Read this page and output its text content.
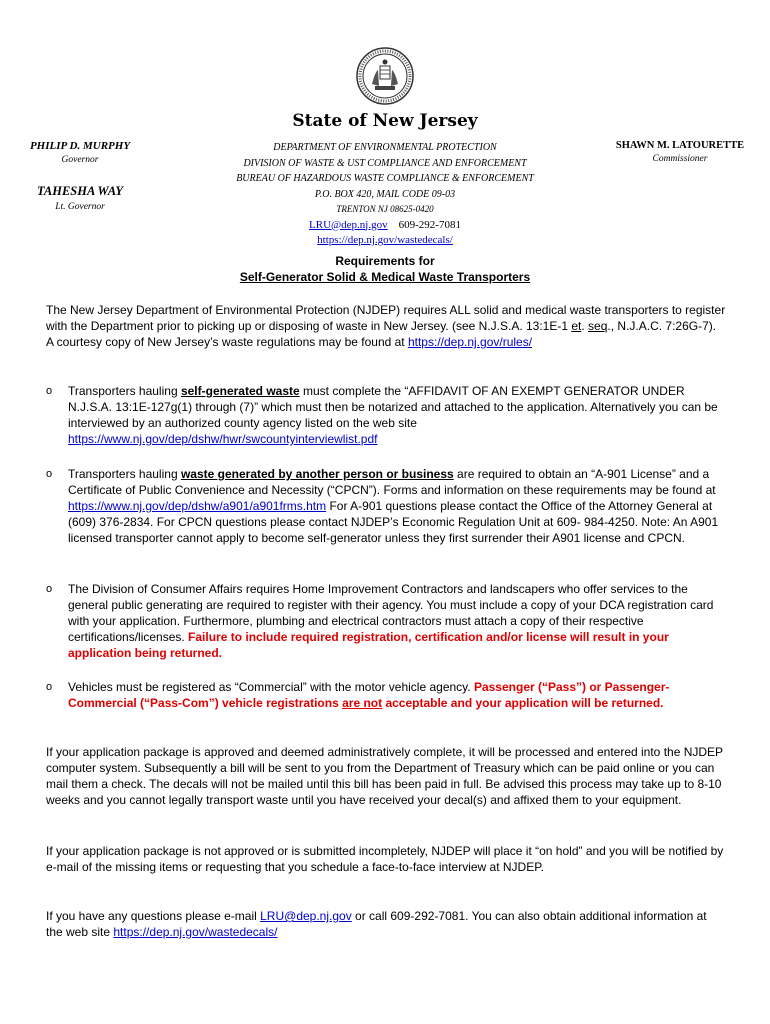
State of New Jersey
PHILIP D. MURPHY
Governor
TAHESHA WAY
Lt. Governor
SHAWN M. LATOURETTE
Commissioner
DEPARTMENT OF ENVIRONMENTAL PROTECTION
DIVISION OF WASTE & UST COMPLIANCE AND ENFORCEMENT
BUREAU OF HAZARDOUS WASTE COMPLIANCE & ENFORCEMENT
P.O. BOX 420, MAIL CODE 09-03
TRENTON NJ 08625-0420
LRU@dep.nj.gov 609-292-7081
https://dep.nj.gov/wastedecals/
Requirements for
Self-Generator Solid & Medical Waste Transporters

The New Jersey Department of Environmental Protection (NJDEP) requires ALL solid and medical waste transporters to register with the Department prior to picking up or disposing of waste in New Jersey. (see N.J.S.A. 13:1E-1 et. seq., N.J.A.C. 7:26G-7). A courtesy copy of New Jersey’s waste regulations may be found at https://dep.nj.gov/rules/

o Transporters hauling self-generated waste must complete the “AFFIDAVIT OF AN EXEMPT GENERATOR UNDER N.J.S.A. 13:1E-127g(1) through (7)” which must then be notarized and attached to the application. Alternatively you can be interviewed by an authorized county agency listed on the web site https://www.nj.gov/dep/dshw/hwr/swcountyinterviewlist.pdf
o Transporters hauling waste generated by another person or business are required to obtain an “A-901 License” and a Certificate of Public Convenience and Necessity (“CPCN”). Forms and information on these requirements may be found at https://www.nj.gov/dep/dshw/a901/a901frms.htm For A-901 questions please contact the Office of the Attorney General at (609) 376-2834. For CPCN questions please contact NJDEP’s Economic Regulation Unit at 609- 984-4250. Note: An A901 licensed transporter cannot apply to become self-generator unless they first surrender their A901 license and CPCN.
o The Division of Consumer Affairs requires Home Improvement Contractors and landscapers who offer services to the general public generating are required to register with their agency. You must include a copy of your DCA registration card with your application. Furthermore, plumbing and electrical contractors must attach a copy of their respective certifications/licenses. Failure to include required registration, certification and/or license will result in your application being returned.
o Vehicles must be registered as “Commercial” with the motor vehicle agency. Passenger (“Pass”) or Passenger-Commercial (“Pass-Com”) vehicle registrations are not acceptable and your application will be returned.

If your application package is approved and deemed administratively complete, it will be processed and entered into the NJDEP computer system. Subsequently a bill will be sent to you from the Department of Treasury which can be paid online or you can mail them a check. The decals will not be mailed until this bill has been paid in full. Be advised this process may take up to 8-10 weeks and you cannot legally transport waste until you have received your decal(s) and affixed them to your equipment.

If your application package is not approved or is submitted incompletely, NJDEP will place it “on hold” and you will be notified by e-mail of the missing items or requesting that you schedule a face-to-face interview at NJDEP.

If you have any questions please e-mail LRU@dep.nj.gov or call 609-292-7081. You can also obtain additional information at the web site https://dep.nj.gov/wastedecals/
